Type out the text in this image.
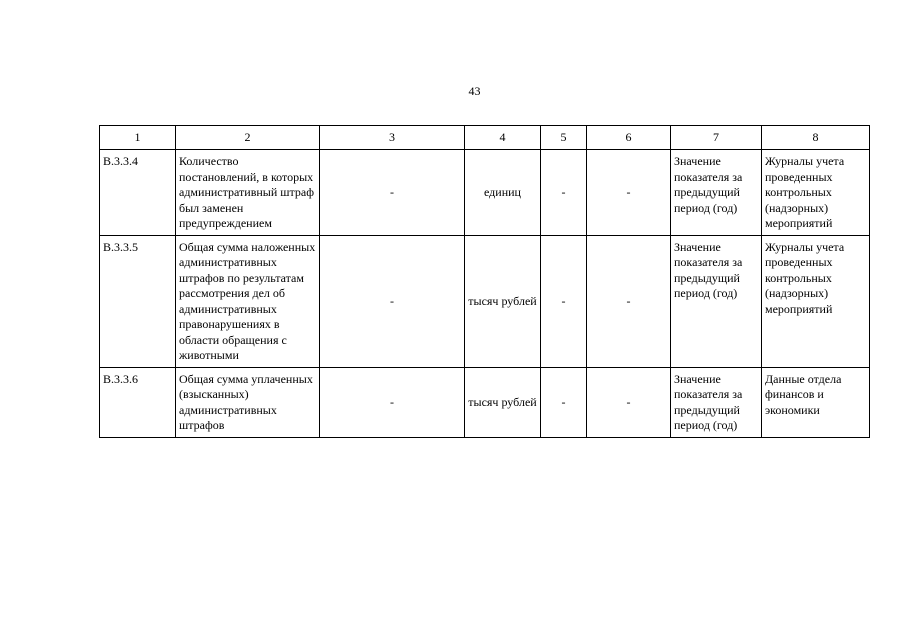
43
1	2	3	4	5	6	7	8
В.3.3.4	Количество постановлений, в которых административный штраф был заменен предупреждением	-	единиц	-	-	Значение показателя за предыдущий период (год)	Журналы учета проведенных контрольных (надзорных) мероприятий
В.3.3.5	Общая сумма наложенных административных штрафов по результатам рассмотрения дел об административных правонарушениях в области обращения с животными	-	тысяч рублей	-	-	Значение показателя за предыдущий период (год)	Журналы учета проведенных контрольных (надзорных) мероприятий
В.3.3.6	Общая сумма уплаченных (взысканных) административных штрафов	-	тысяч рублей	-	-	Значение показателя за предыдущий период (год)	Данные отдела финансов и экономики
